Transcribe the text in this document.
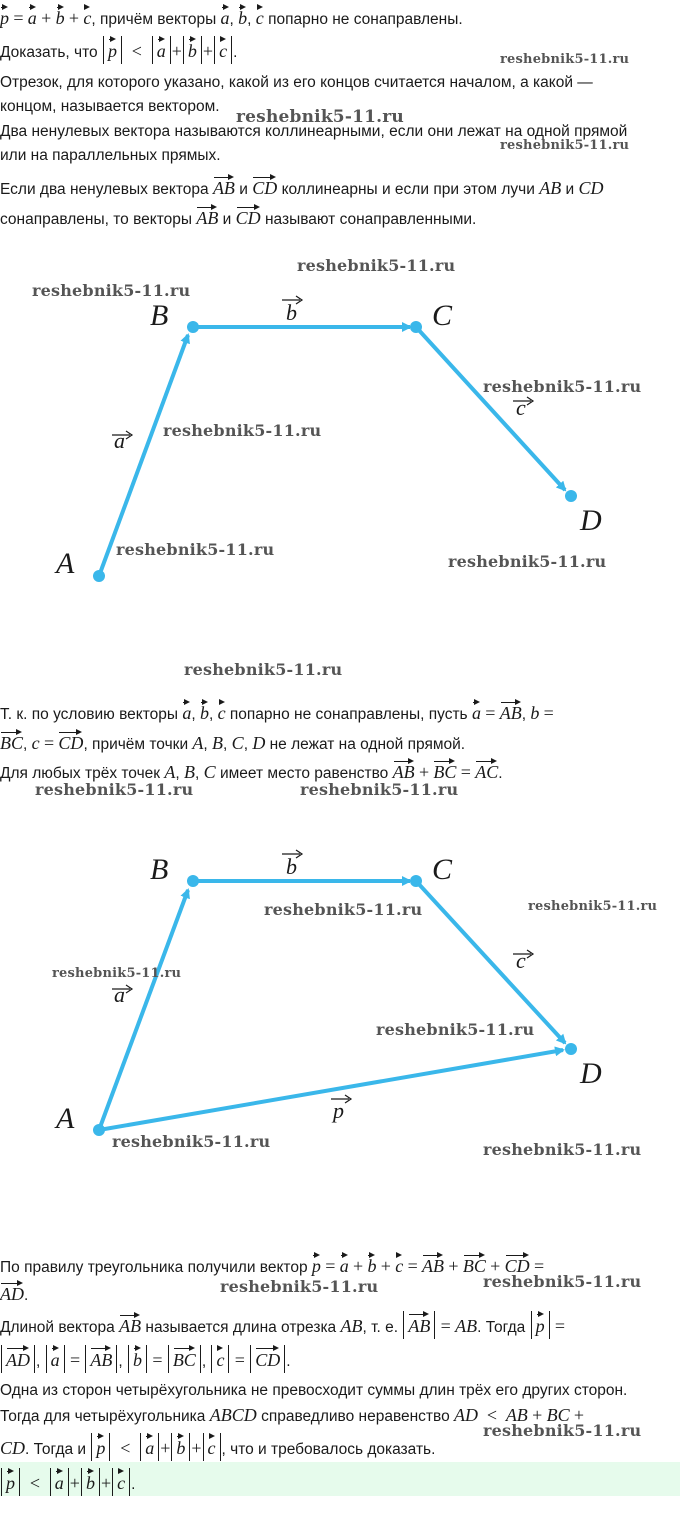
p = a + b + c, причём векторы a, b, c попарно не сонаправлены.
Доказать, что p  <  a + b + c .
Отрезок, для которого указано, какой из его концов считается началом, а какой —
концом, называется вектором.
Два ненулевых вектора называются коллинеарными, если они лежат на одной прямой
или на параллельных прямых.
Если два ненулевых вектора AB и CD коллинеарны и если при этом лучи AB и CD
сонаправлены, то векторы AB и CD называют сонаправленными.
A
B	C
D
a
b
c
Т. к. по условию векторы a, b, c попарно не сонаправлены, пусть a = AB, b =
BC, c = CD, причём точки A, B, C, D не лежат на одной прямой.
Для любых трёх точек A, B, C имеет место равенство AB + BC = AC.
A
B	C
D
a
b
c
p
По правилу треугольника получили вектор p = a + b + c = AB + BC + CD =
AD.
Длиной вектора AB называется длина отрезка AB, т. е. AB = AB. Тогда p =
AD , a = AB , b = BC , c = CD .
Одна из сторон четырёхугольника не превосходит суммы длин трёх его других сторон.
Тогда для четырёхугольника ABCD справедливо неравенство AD  <  AB + BC +
CD. Тогда и p  <  a + b + c , что и требовалось доказать.
p  <  a + b + c .
reshebnik5-11.ru
reshebnik5-11.ru
reshebnik5-11.ru
reshebnik5-11.ru
reshebnik5-11.ru
reshebnik5-11.ru
reshebnik5-11.ru
reshebnik5-11.ru
reshebnik5-11.ru
reshebnik5-11.ru
reshebnik5-11.ru	reshebnik5-11.ru
reshebnik5-11.ru	reshebnik5-11.ru
reshebnik5-11.ru
reshebnik5-11.ru
reshebnik5-11.ru	reshebnik5-11.ru
reshebnik5-11.ru
reshebnik5-11.ru
reshebnik5-11.ru
